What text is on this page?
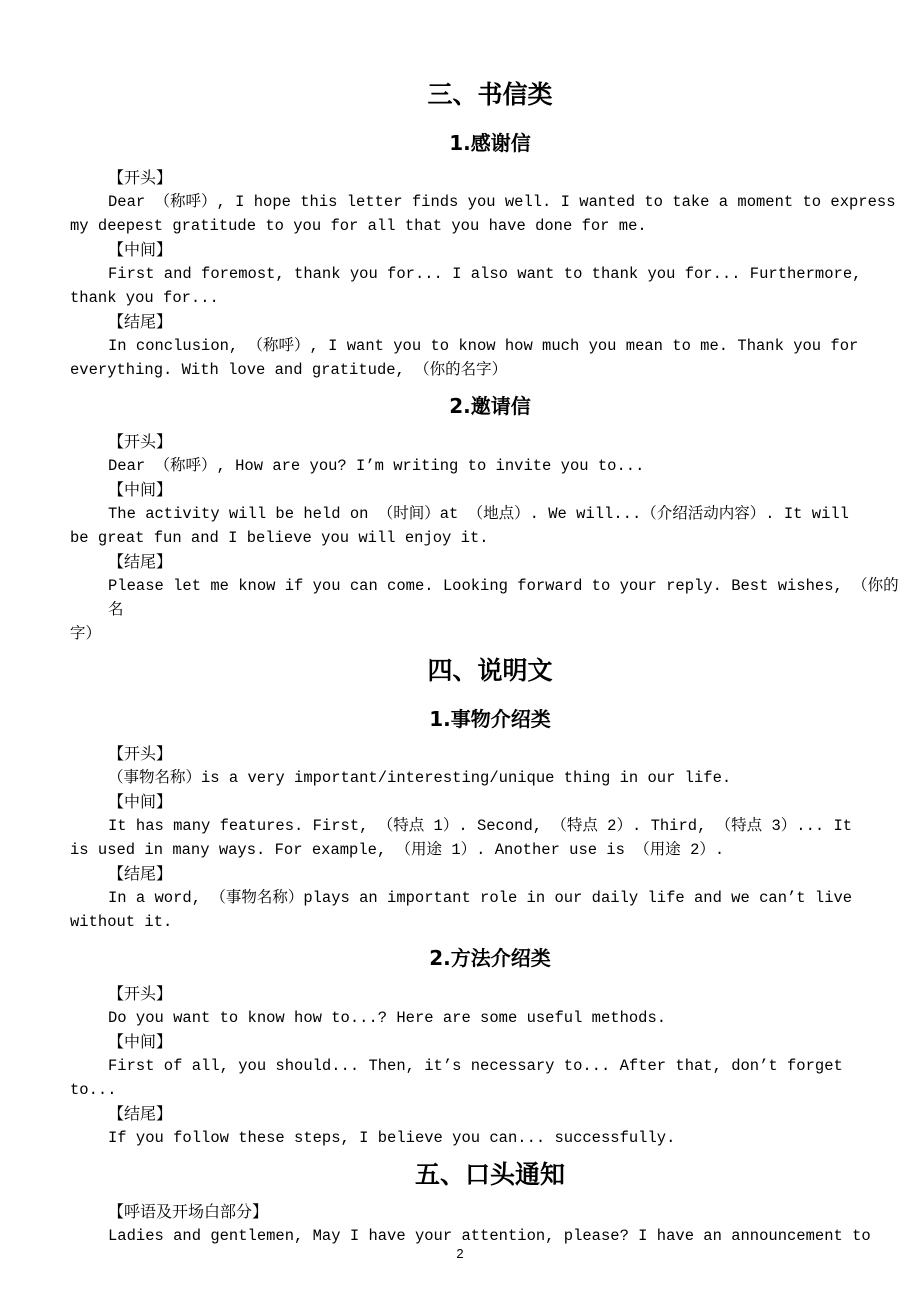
三、书信类
1.感谢信
【开头】
Dear （称呼）, I hope this letter finds you well. I wanted to take a moment to express
my deepest gratitude to you for all that you have done for me.
【中间】
First and foremost, thank you for... I also want to thank you for... Furthermore,
thank you for...
【结尾】
In conclusion, （称呼）, I want you to know how much you mean to me. Thank you for
everything. With love and gratitude, （你的名字）
2.邀请信
【开头】
Dear （称呼）, How are you? I’m writing to invite you to...
【中间】
The activity will be held on （时间）at （地点）. We will...（介绍活动内容）. It will
be great fun and I believe you will enjoy it.
【结尾】
Please let me know if you can come. Looking forward to your reply. Best wishes, （你的名
字）
四、说明文
1.事物介绍类
【开头】
（事物名称）is a very important/interesting/unique thing in our life.
【中间】
It has many features. First, （特点 1）. Second, （特点 2）. Third, （特点 3）... It
is used in many ways. For example, （用途 1）. Another use is （用途 2）.
【结尾】
In a word, （事物名称）plays an important role in our daily life and we can’t live
without it.
2.方法介绍类
【开头】
Do you want to know how to...? Here are some useful methods.
【中间】
First of all, you should... Then, it’s necessary to... After that, don’t forget
to...
【结尾】
If you follow these steps, I believe you can... successfully.
五、口头通知
【呼语及开场白部分】
Ladies and gentlemen, May I have your attention, please? I have an announcement to
2
